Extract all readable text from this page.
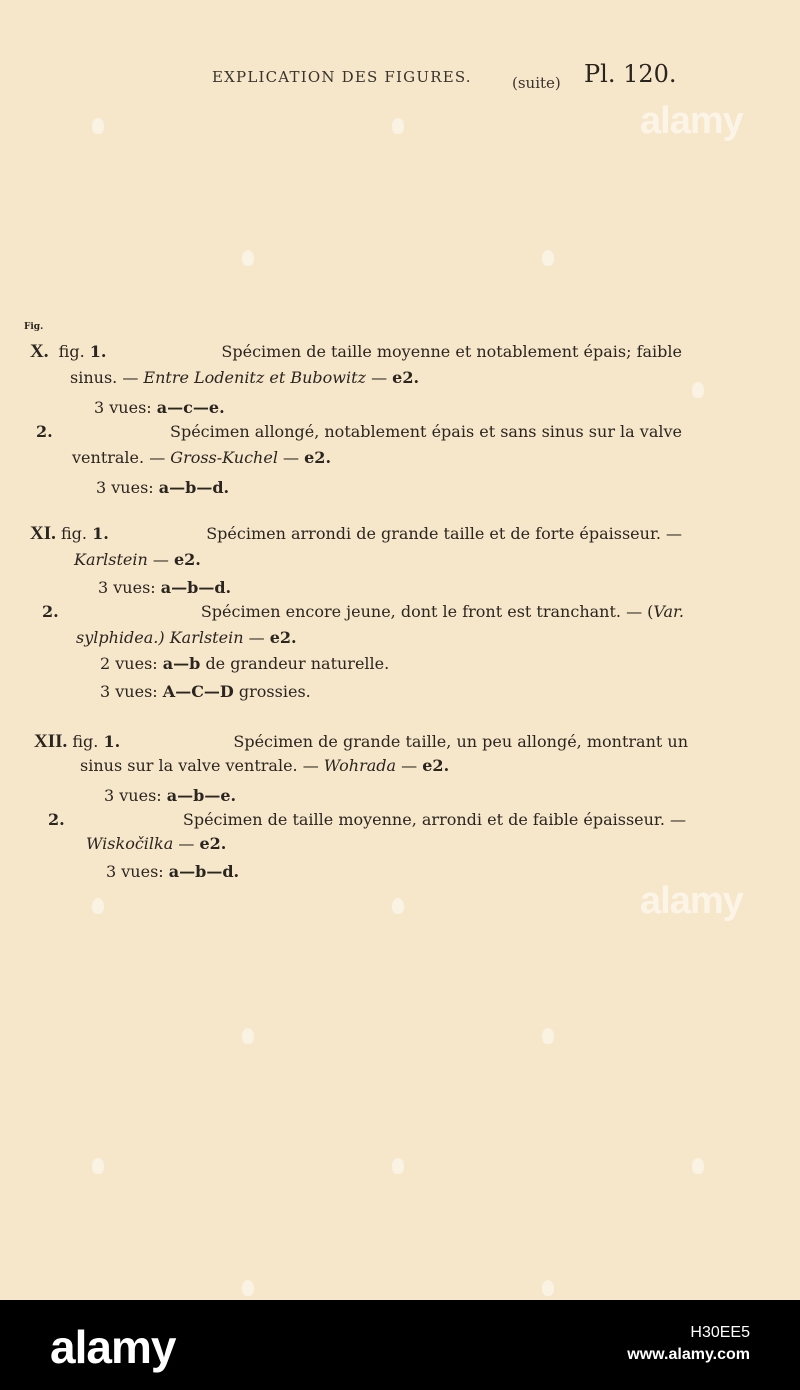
alamy
alamy
EXPLICATION DES FIGURES.	(suite) Pl. 120.
Fig.
X. fig. 1.	Spécimen de taille moyenne et notablement épais; faible
sinus. — Entre Lodenitz et Bubowitz — e2.
3 vues: a—c—e.
2.	Spécimen allongé, notablement épais et sans sinus sur la valve
ventrale. — Gross-Kuchel — e2.
3 vues: a—b—d.
XI. fig. 1.	Spécimen arrondi de grande taille et de forte épaisseur. —
Karlstein — e2.
3 vues: a—b—d.
2.	Spécimen encore jeune, dont le front est tranchant. — (Var.
sylphidea.) Karlstein — e2.
2 vues: a—b de grandeur naturelle.
3 vues: A—C—D grossies.
XII. fig. 1.	Spécimen de grande taille, un peu allongé, montrant un
sinus sur la valve ventrale. — Wohrada — e2.
3 vues: a—b—e.
2.	Spécimen de taille moyenne, arrondi et de faible épaisseur. —
Wiskočilka — e2.
3 vues: a—b—d.
alamy	H30EE5
www.alamy.com
